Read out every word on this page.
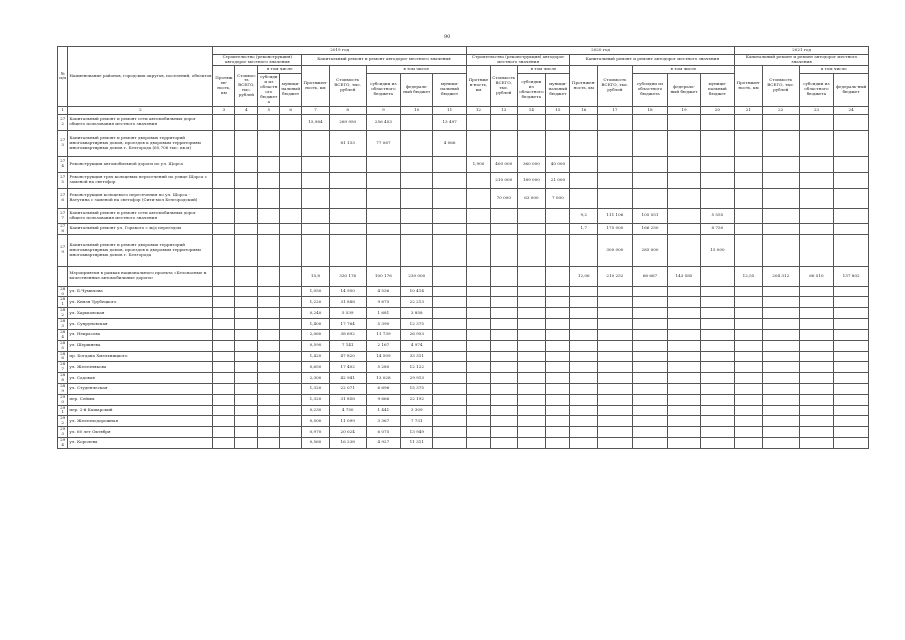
90
№ п/п	Наименование районов, городских округов, поселений, объектов	2019 год									2020 год									2021 год			
		Строительство (реконструкция) автодорог местного значения				Капитальный ремонт и ремонт автодорог местного значения					Строительство (реконструкция) автодорог местного значения				Капитальный ремонт и ремонт автодорог местного значения					Капитальный ремонт и ремонт автодорог местного значения			
		Протяжен-ность, км	Стоимость ВСЕГО, тыс. рублей	в том числе		Протяжен-ность, км	Стоимость ВСЕГО, тыс. рублей	в том числе			Протяжен-ность, км	Стоимость ВСЕГО, тыс. рублей	в том числе		Протяжен-ность, км	Стоимость ВСЕГО, тыс. рублей	в том числе			Протяжен-ность, км	Стоимость ВСЕГО, тыс. рублей	в том числе	
				субсидии из областного бюджета	муници-пальный бюджет			субсидии из областного бюджета	федераль-ный бюджет	муници-пальный бюджет			субсидии из областного бюджета	муници-пальный бюджет			субсидии из областного бюджета	федераль-ный бюджет	муници-пальный бюджет			субсидии из областного бюджета	федераль-ный бюджет
1	2	3	4	5	6	7	8	9	10	11	12	13	14	15	16	17	18	19	20	21	22	23	24
272	Капитальный ремонт и ремонт сети автомобильных дорог общего пользования местного значения					15,984	269 950	256 453		13 497													
273	Капитальный ремонт и ремонт дворовых территорий многоквартирных домов, проездов к дворовым территориям многоквартирных домов г. Белгорода (65,706 тыс. кв.м)						81 133	77 067		4 066													
274	Реконструкция автомобильной дороги по ул. Щорса										1,900	400 000	360 000	40 000									
275	Реконструкция трех кольцевых пересечений по улице Щорса с заменой на светофор											210 000	189 000	21 000									
276	Реконструкция кольцевого пересечения по ул. Щорса - Ватутина с заменой на светофор (Сити-мол Белгородский)											70 000	63 000	7 000									
277	Капитальный ремонт и ремонт сети автомобильных дорог общего пользования местного значения														9,2	111 106	105 551		5 555				
278	Капитальный ремонт ул. Горького с ж/д переездом														1,7	175 000	166 250		8 750				
279	Капитальный ремонт и ремонт дворовых территорий многоквартирных домов, проездов к дворовым территориям многоквартирных домов г. Белгорода															300 000	285 000		15 000				
	Мероприятия в рамках национального проекта «Безопасные и качественные автомобильные дороги»					15,8	330 176	100 176	230 000						12,06	210 252	66 667	143 585		12,55	204 312	66 510	137 802
280	ул. Б.Чумичова					1,050	14 950	4 536	10 414														
281	ул. Князя Трубецкого					1,220	31 888	9 675	22 213														
282	ул. Харьковская					0,240	5 539	1 681	3 858														
283	ул. Супруновская					1,400	17 764	5 390	12 375														
284	ул. Некрасова					2,060	38 692	11 739	26 953														
285	ул. Шершнева					0,590	7 141	2 167	4 974														
286	пр. Богдана Хмельницкого					1,420	47 820	14 509	33 311														
287	ул. Железнякова					0,650	17 402	5 280	12 122														
288	ул. Садовая					2,300	42 941	13 028	29 913														
289	ул. Студенческая					1,320	22 071	6 696	15 375														
290	пер. Сеймы					1,320	31 858	9 666	22 192														
291	пер. 2-й Кашарский					0,230	4 750	1 441	3 309														
292	ул. Железнодорожная					0,500	11 099	3 367	7 731														
293	ул. 60 лет Октября					0,970	20 024	6 075	13 949														
294	ул. Королева					0,560	16 238	4 927	11 311														
